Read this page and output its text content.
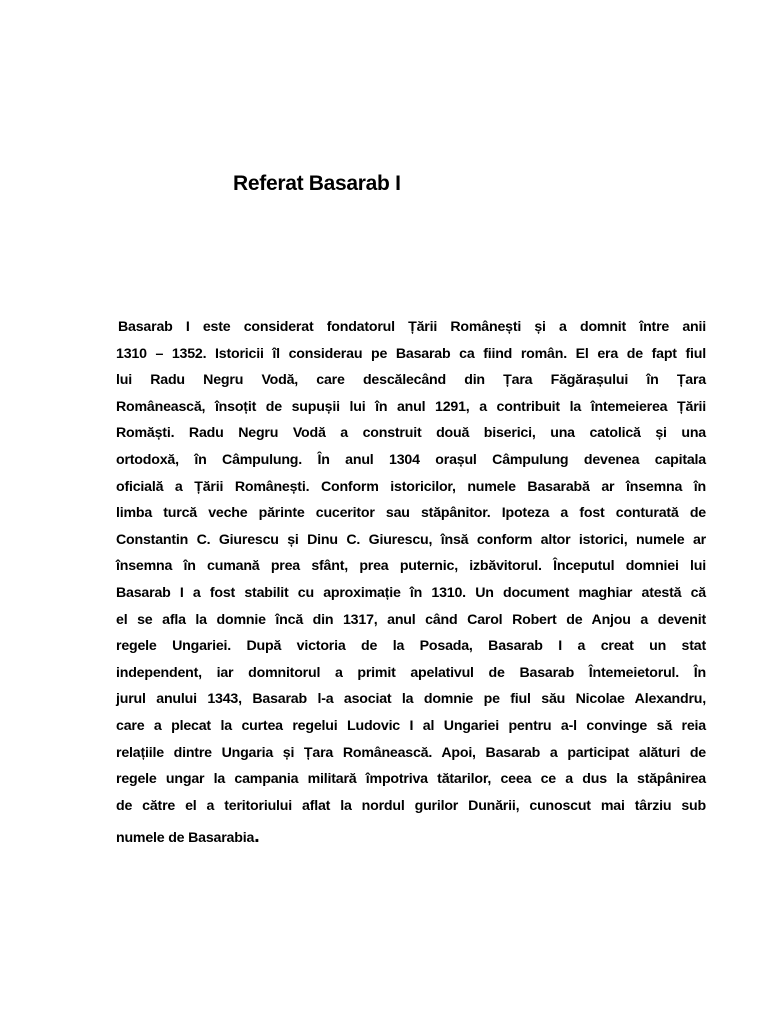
Referat Basarab I
Basarab I este considerat fondatorul Țării Românești și a domnit între anii
1310 – 1352. Istoricii îl considerau pe Basarab ca fiind român. El era de fapt fiul
lui Radu Negru Vodă, care descălecând din Țara Făgărașului în Țara
Românească, însoțit de supușii lui în anul 1291, a contribuit la întemeierea Țării
Romăști. Radu Negru Vodă a construit două biserici, una catolică și una
ortodoxă, în Câmpulung. În anul 1304 orașul Câmpulung devenea capitala
oficială a Țării Românești. Conform istoricilor, numele Basarabă ar însemna în
limba turcă veche părinte cuceritor sau stăpânitor. Ipoteza a fost conturată de
Constantin C. Giurescu și Dinu C. Giurescu, însă conform altor istorici, numele ar
însemna în cumană prea sfânt, prea puternic, izbăvitorul. Începutul domniei lui
Basarab I a fost stabilit cu aproximație în 1310. Un document maghiar atestă că
el se afla la domnie încă din 1317, anul când Carol Robert de Anjou a devenit
regele Ungariei. După victoria de la Posada, Basarab I a creat un stat
independent, iar domnitorul a primit apelativul de Basarab Întemeietorul. În
jurul anului 1343, Basarab l-a asociat la domnie pe fiul său Nicolae Alexandru,
care a plecat la curtea regelui Ludovic I al Ungariei pentru a-l convinge să reia
relațiile dintre Ungaria și Țara Românească. Apoi, Basarab a participat alături de
regele ungar la campania militară împotriva tătarilor, ceea ce a dus la stăpânirea
de către el a teritoriului aflat la nordul gurilor Dunării, cunoscut mai târziu sub
numele de Basarabia.
